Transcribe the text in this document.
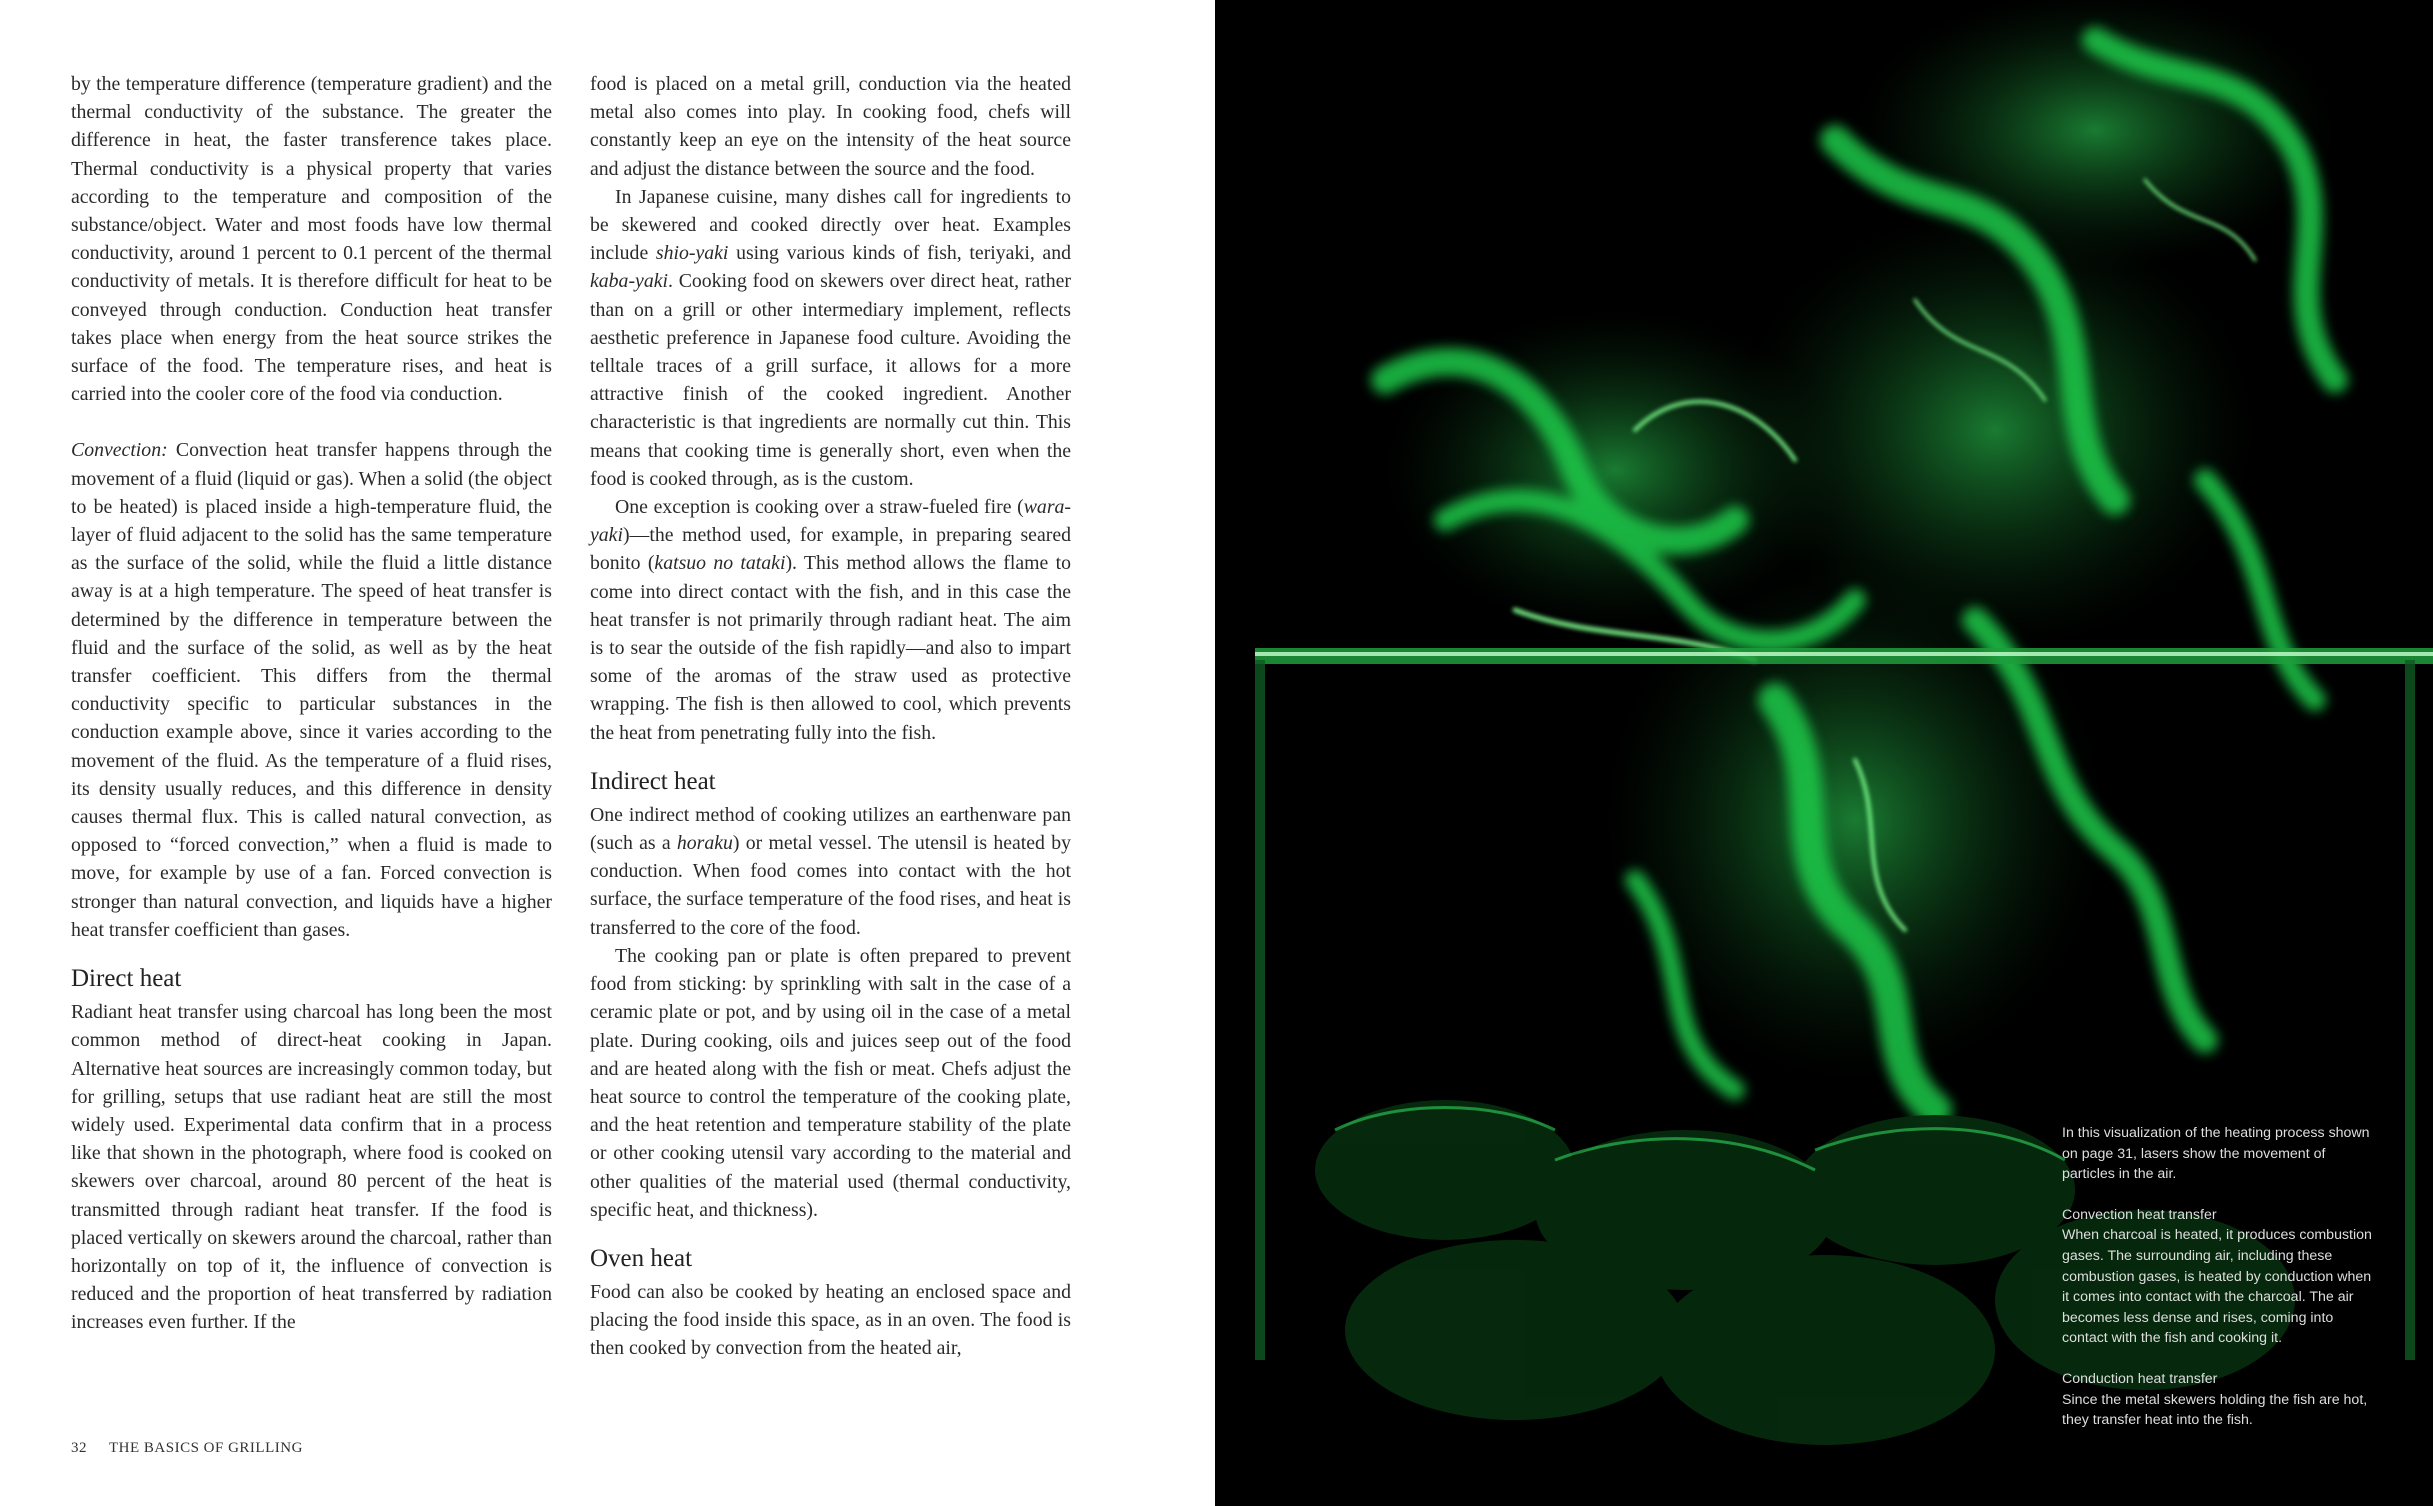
by the temperature difference (temperature gradient) and the thermal conductivity of the substance. The greater the difference in heat, the faster transference takes place. Thermal conductivity is a physical property that varies according to the temperature and composition of the substance/object. Water and most foods have low thermal conductivity, around 1 percent to 0.1 percent of the thermal conductivity of metals. It is therefore difficult for heat to be conveyed through conduction. Conduction heat transfer takes place when energy from the heat source strikes the surface of the food. The temperature rises, and heat is carried into the cooler core of the food via conduction.

Convection: Convection heat transfer happens through the movement of a fluid (liquid or gas). When a solid (the object to be heated) is placed inside a high-temperature fluid, the layer of fluid adjacent to the solid has the same temperature as the surface of the solid, while the fluid a little distance away is at a high temperature. The speed of heat transfer is determined by the difference in temperature between the fluid and the surface of the solid, as well as by the heat transfer coefficient. This differs from the thermal conductivity specific to particular substances in the conduction example above, since it varies according to the movement of the fluid. As the temperature of a fluid rises, its density usually reduces, and this difference in density causes thermal flux. This is called natural convection, as opposed to “forced convection,” when a fluid is made to move, for example by use of a fan. Forced convection is stronger than natural convection, and liquids have a higher heat transfer coefficient than gases.

Direct heat

Radiant heat transfer using charcoal has long been the most common method of direct-heat cooking in Japan. Alternative heat sources are increasingly common today, but for grilling, setups that use radiant heat are still the most widely used. Experimental data confirm that in a process like that shown in the photograph, where food is cooked on skewers over charcoal, around 80 percent of the heat is transmitted through radiant heat transfer. If the food is placed vertically on skewers around the charcoal, rather than horizontally on top of it, the influence of convection is reduced and the proportion of heat transferred by radiation increases even further. If the

food is placed on a metal grill, conduction via the heated metal also comes into play. In cooking food, chefs will constantly keep an eye on the intensity of the heat source and adjust the distance between the source and the food.

In Japanese cuisine, many dishes call for ingredients to be skewered and cooked directly over heat. Examples include shio-yaki using various kinds of fish, teriyaki, and kaba-yaki. Cooking food on skewers over direct heat, rather than on a grill or other intermediary implement, reflects aesthetic preference in Japanese food culture. Avoiding the telltale traces of a grill surface, it allows for a more attractive finish of the cooked ingredient. Another characteristic is that ingredients are normally cut thin. This means that cooking time is generally short, even when the food is cooked through, as is the custom.

One exception is cooking over a straw-fueled fire (wara-yaki)—the method used, for example, in preparing seared bonito (katsuo no tataki). This method allows the flame to come into direct contact with the fish, and in this case the heat transfer is not primarily through radiant heat. The aim is to sear the outside of the fish rapidly—and also to impart some of the aromas of the straw used as protective wrapping. The fish is then allowed to cool, which prevents the heat from penetrating fully into the fish.

Indirect heat

One indirect method of cooking utilizes an earthenware pan (such as a horaku) or metal vessel. The utensil is heated by conduction. When food comes into contact with the hot surface, the surface temperature of the food rises, and heat is transferred to the core of the food.

The cooking pan or plate is often prepared to prevent food from sticking: by sprinkling with salt in the case of a ceramic plate or pot, and by using oil in the case of a metal plate. During cooking, oils and juices seep out of the food and are heated along with the fish or meat. Chefs adjust the heat source to control the temperature of the cooking plate, and the heat retention and temperature stability of the plate or other cooking utensil vary according to the material and other qualities of the material used (thermal conductivity, specific heat, and thickness).

Oven heat

Food can also be cooked by heating an enclosed space and placing the food inside this space, as in an oven. The food is then cooked by convection from the heated air,

32 THE BASICS OF GRILLING

In this visualization of the heating process shown on page 31, lasers show the movement of particles in the air.

Convection heat transfer
When charcoal is heated, it produces combustion gases. The surrounding air, including these combustion gases, is heated by conduction when it comes into contact with the charcoal. The air becomes less dense and rises, coming into contact with the fish and cooking it.

Conduction heat transfer
Since the metal skewers holding the fish are hot, they transfer heat into the fish.
